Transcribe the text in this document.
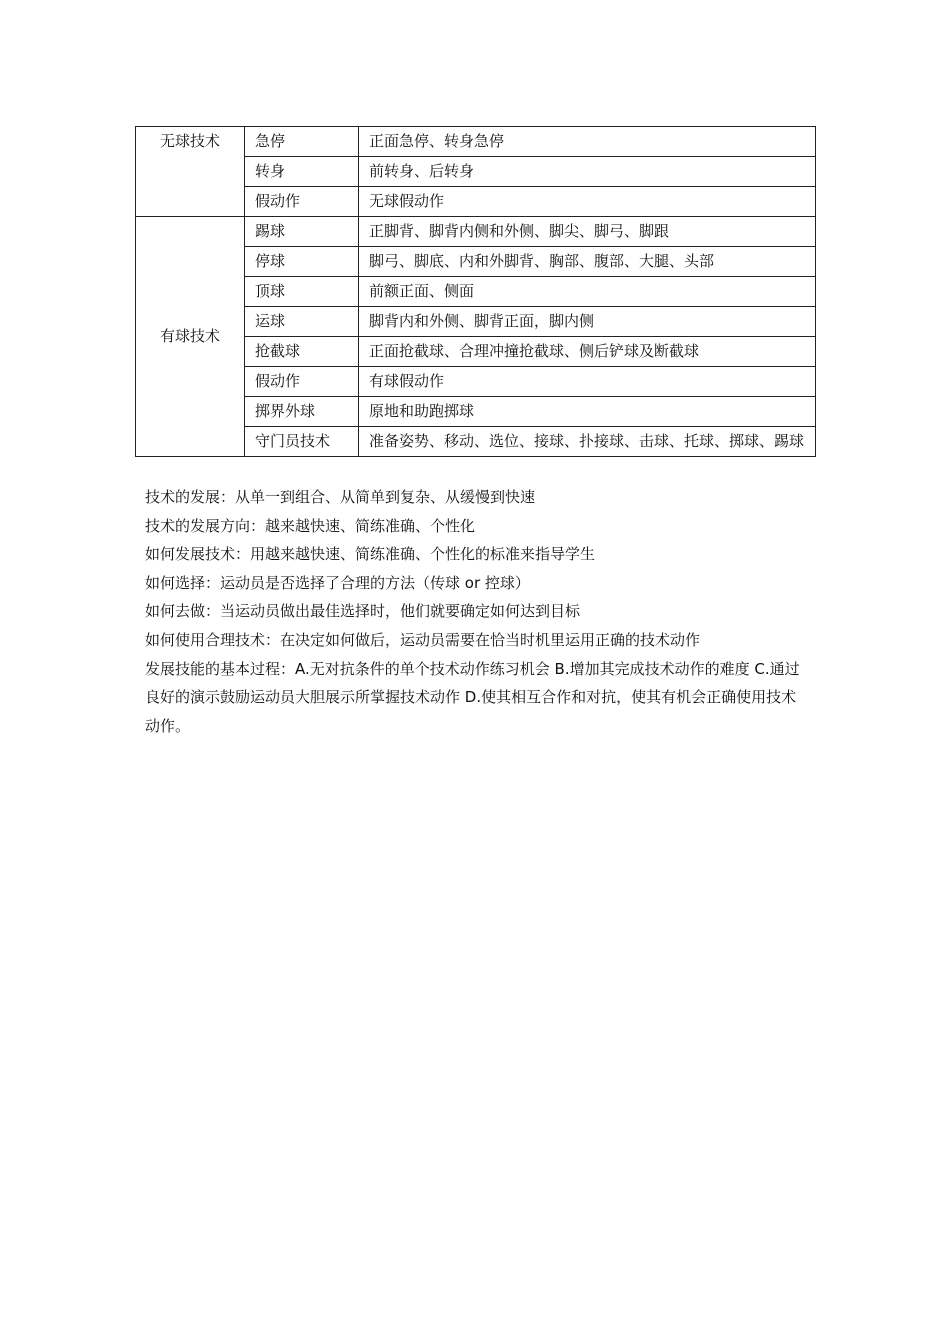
无球技术	急停	正面急停、转身急停
	转身	前转身、后转身
	假动作	无球假动作
有球技术	踢球	正脚背、脚背内侧和外侧、脚尖、脚弓、脚跟
	停球	脚弓、脚底、内和外脚背、胸部、腹部、大腿、头部
	顶球	前额正面、侧面
	运球	脚背内和外侧、脚背正面，脚内侧
	抢截球	正面抢截球、合理冲撞抢截球、侧后铲球及断截球
	假动作	有球假动作
	掷界外球	原地和助跑掷球
	守门员技术	准备姿势、移动、选位、接球、扑接球、击球、托球、掷球、踢球

技术的发展：从单一到组合、从简单到复杂、从缓慢到快速

技术的发展方向：越来越快速、简练准确、个性化

如何发展技术：用越来越快速、简练准确、个性化的标准来指导学生

如何选择：运动员是否选择了合理的方法（传球 or 控球）

如何去做：当运动员做出最佳选择时，他们就要确定如何达到目标

如何使用合理技术：在决定如何做后，运动员需要在恰当时机里运用正确的技术动作

发展技能的基本过程：A.无对抗条件的单个技术动作练习机会 B.增加其完成技术动作的难度 C.通过良好的演示鼓励运动员大胆展示所掌握技术动作 D.使其相互合作和对抗，使其有机会正确使用技术动作。
